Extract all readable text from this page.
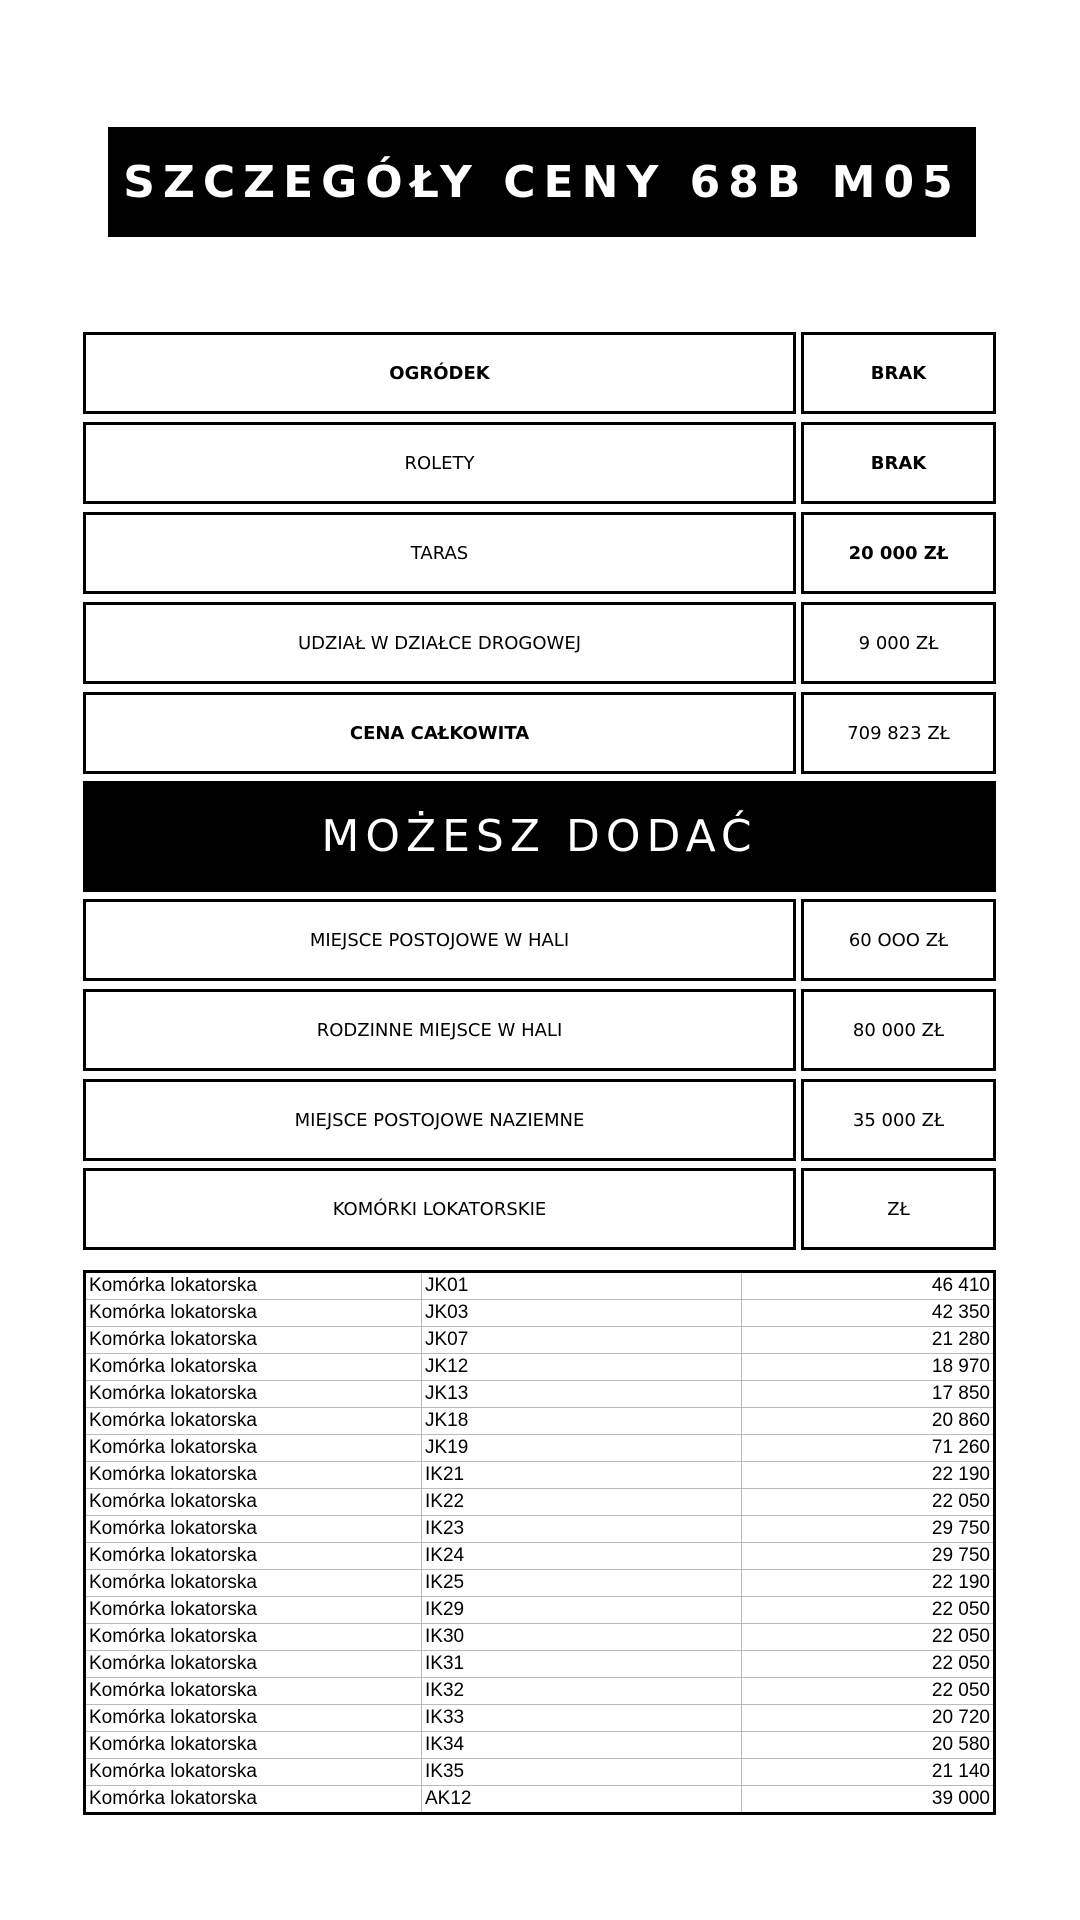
SZCZEGÓŁY CENY 68B M05
OGRÓDEK	BRAK
ROLETY	BRAK
TARAS	20 000 ZŁ
UDZIAŁ W DZIAŁCE DROGOWEJ	9 000 ZŁ
CENA CAŁKOWITA	709 823 ZŁ
MOŻESZ DODAĆ
MIEJSCE POSTOJOWE W HALI	60 OOO ZŁ
RODZINNE MIEJSCE W HALI	80 000 ZŁ
MIEJSCE POSTOJOWE NAZIEMNE	35 000 ZŁ
KOMÓRKI LOKATORSKIE	ZŁ
Komórka lokatorska	JK01	46 410
Komórka lokatorska	JK03	42 350
Komórka lokatorska	JK07	21 280
Komórka lokatorska	JK12	18 970
Komórka lokatorska	JK13	17 850
Komórka lokatorska	JK18	20 860
Komórka lokatorska	JK19	71 260
Komórka lokatorska	IK21	22 190
Komórka lokatorska	IK22	22 050
Komórka lokatorska	IK23	29 750
Komórka lokatorska	IK24	29 750
Komórka lokatorska	IK25	22 190
Komórka lokatorska	IK29	22 050
Komórka lokatorska	IK30	22 050
Komórka lokatorska	IK31	22 050
Komórka lokatorska	IK32	22 050
Komórka lokatorska	IK33	20 720
Komórka lokatorska	IK34	20 580
Komórka lokatorska	IK35	21 140
Komórka lokatorska	AK12	39 000
